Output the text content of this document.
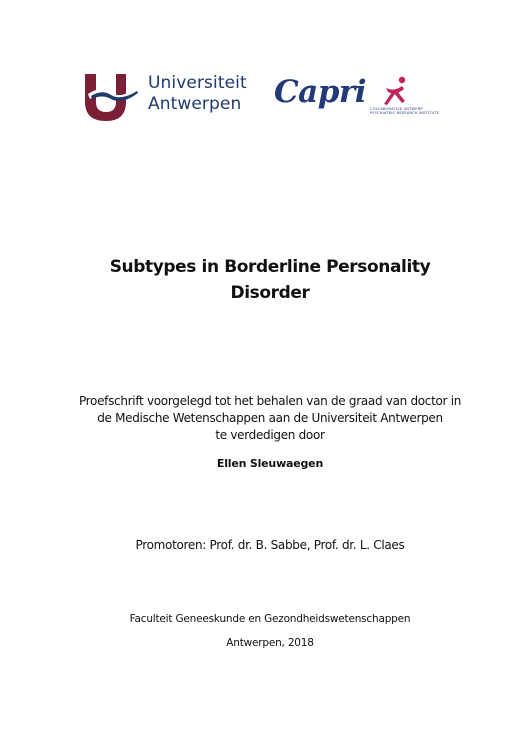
Universiteit
Antwerpen Capri COLLABORATIVE ANTWERP
PSYCHIATRIC RESEARCH INSTITUTE
Subtypes in Borderline Personality
Disorder
Proefschrift voorgelegd tot het behalen van de graad van doctor in
de Medische Wetenschappen aan de Universiteit Antwerpen
te verdedigen door
Ellen Sleuwaegen
Promotoren: Prof. dr. B. Sabbe, Prof. dr. L. Claes
Faculteit Geneeskunde en Gezondheidswetenschappen
Antwerpen, 2018
